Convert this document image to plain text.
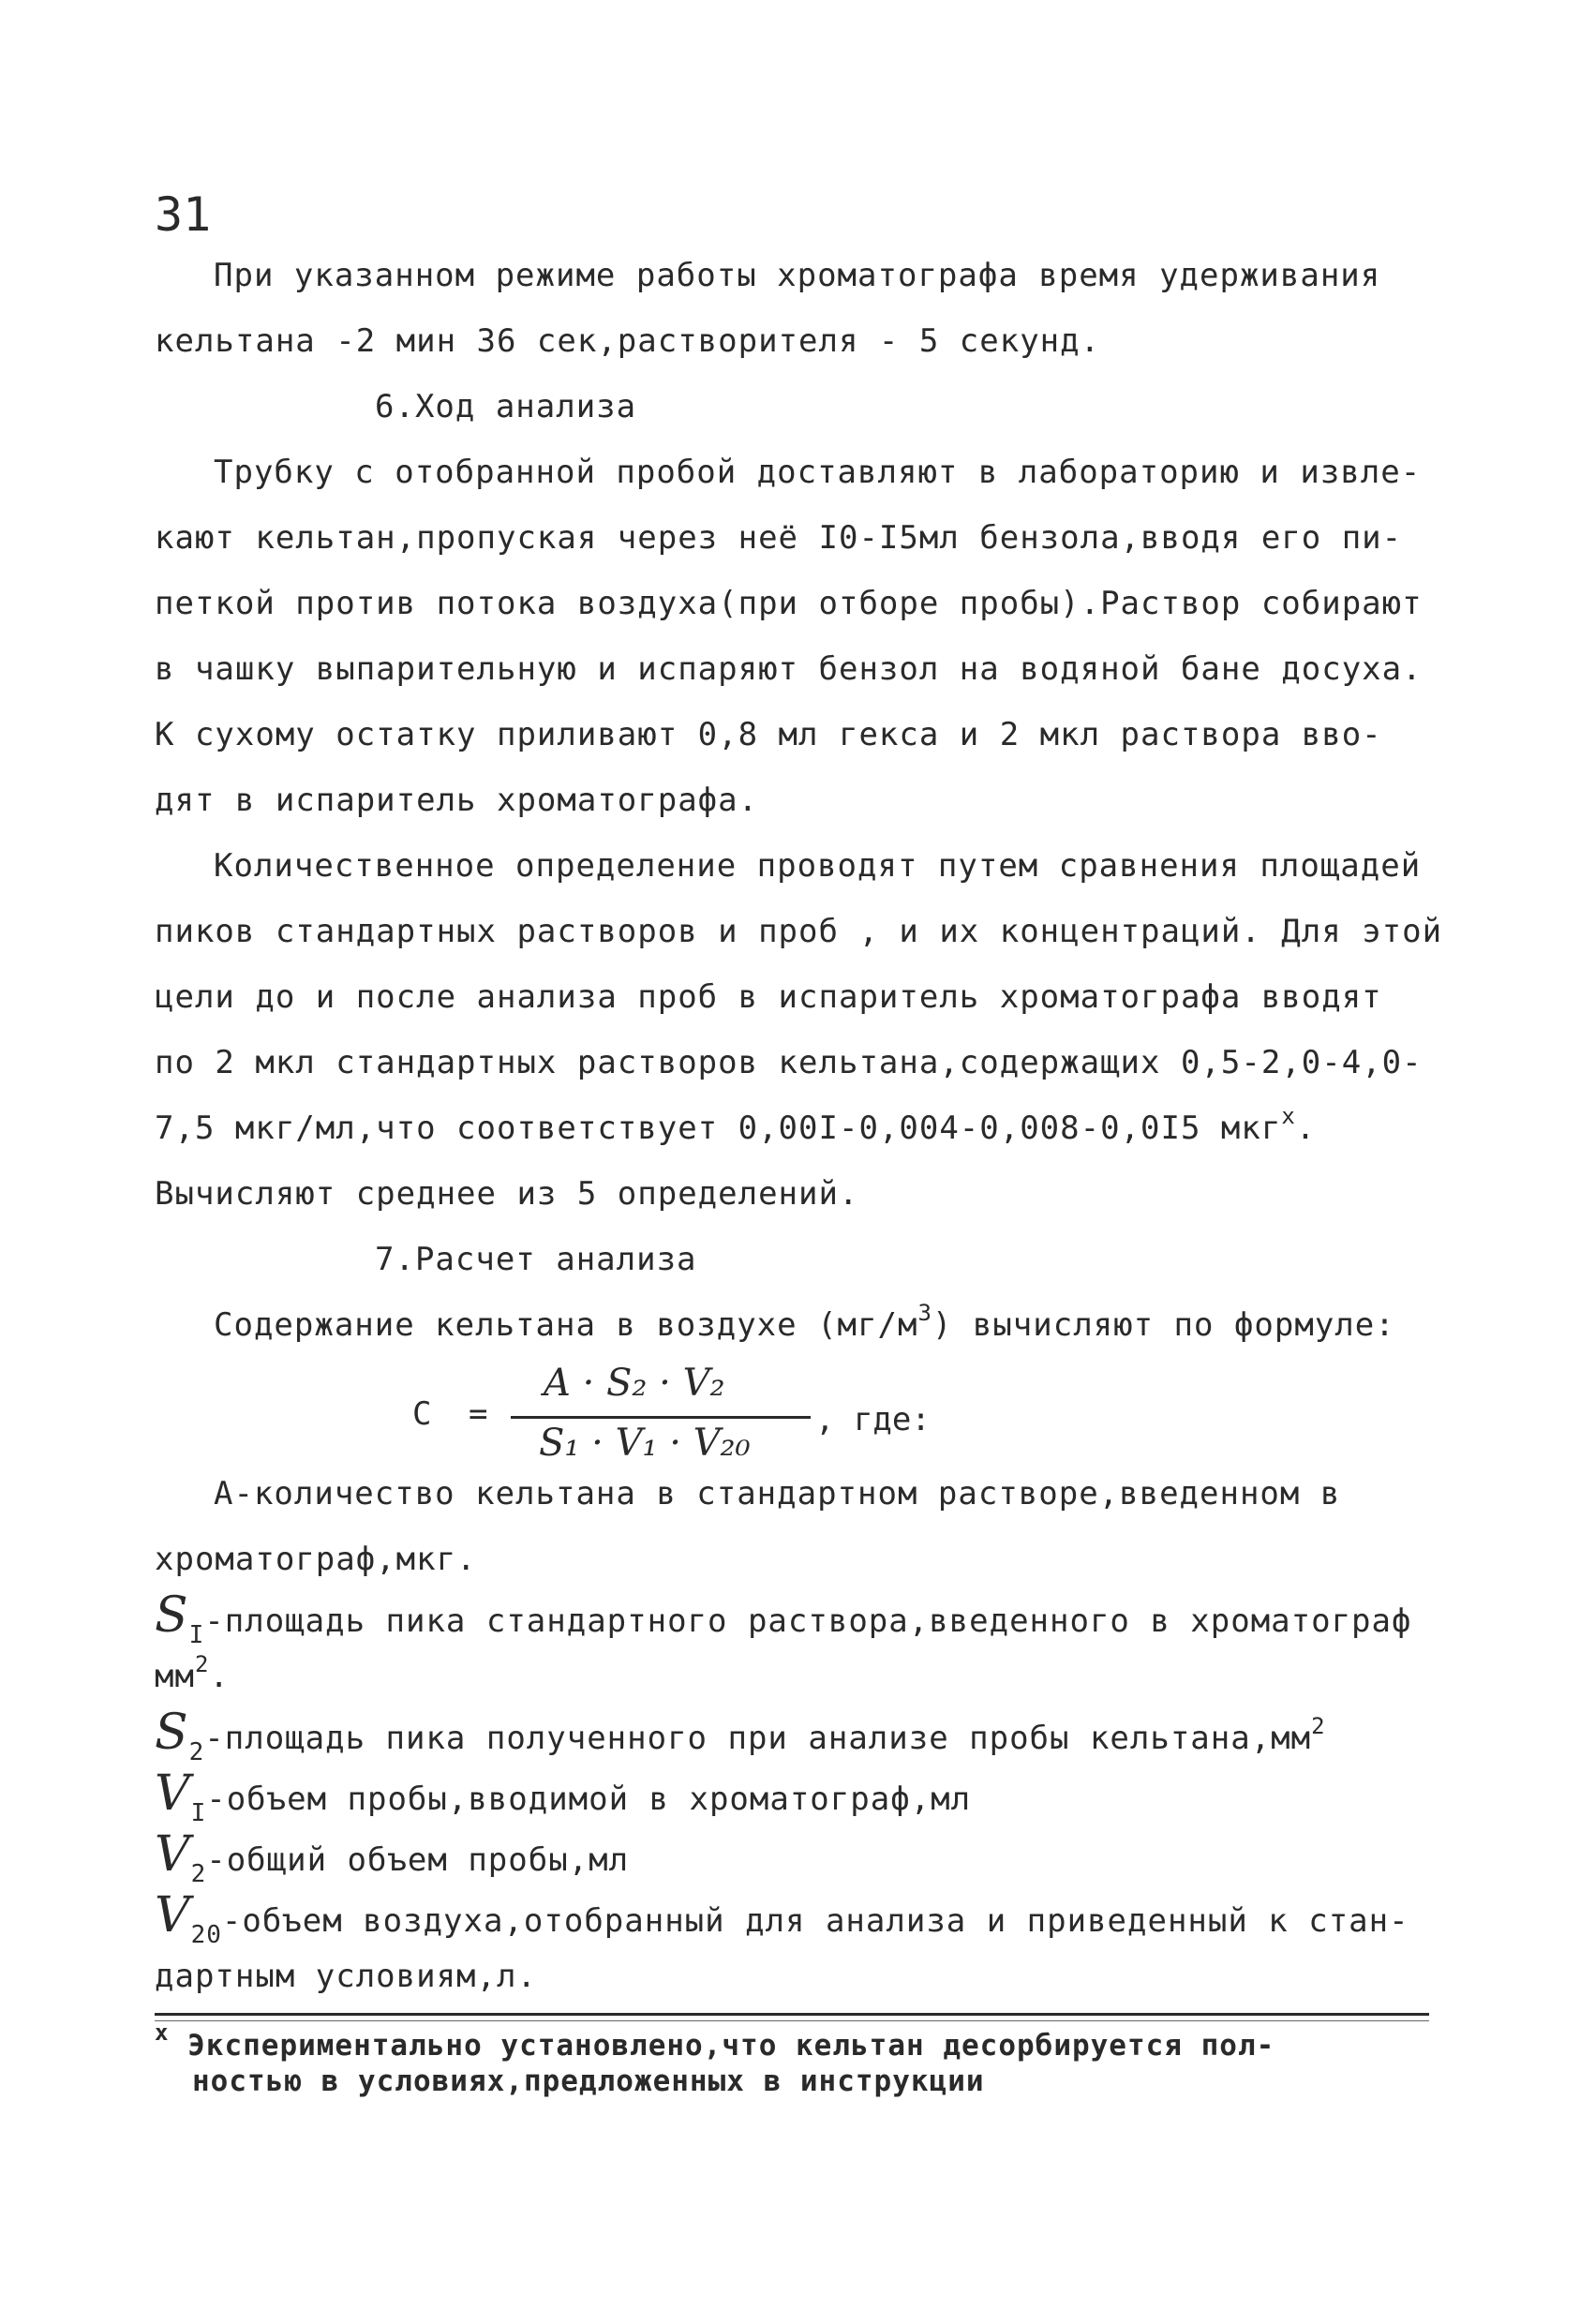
31
При указанном режиме работы хроматографа время удерживания
кельтана -2 мин 36 сек,растворителя - 5 секунд.
6.Ход анализа
Трубку с отобранной пробой доставляют в лабораторию и извле-
кают кельтан,пропуская через неё I0-I5мл бензола,вводя его пи-
петкой против потока воздуха(при отборе пробы).Раствор собирают
в чашку выпарительную и испаряют бензол на водяной бане досуха.
К сухому остатку приливают 0,8 мл гекса и 2 мкл раствора вво-
дят в испаритель хроматографа.
Количественное определение проводят путем сравнения площадей
пиков стандартных растворов и проб , и их концентраций. Для этой
цели до и после анализа проб в испаритель хроматографа вводят
по 2 мкл стандартных растворов кельтана,содержащих 0,5-2,0-4,0-
7,5 мкг/мл,что соответствует 0,00I-0,004-0,008-0,0I5 мкг$^x$.
Вычисляют среднее из 5 определений.
7.Расчет анализа
Содержание кельтана в воздухе $(мг/м^3)$ вычисляют по формуле:
C =
A · S₂ · V₂
S₁ · V₁ · V₂₀
, где:
А-количество кельтана в стандартном растворе,введенном в
хроматограф,мкг.
$S_I$-площадь пика стандартного раствора,введенного в хроматограф
$мм^2$.
$S_2$-площадь пика полученного при анализе пробы $кельтана,мм^2$
$V_I$-объем пробы,вводимой в хроматограф,мл
$V_2$-общий объем пробы,мл
$V_{20}$-объем воздуха,отобранный для анализа и приведенный к стан-
дартным условиям,л.
$^x$ Экспериментально установлено,что кельтан десорбируется пол-
ностью в условиях,предложенных в инструкции
